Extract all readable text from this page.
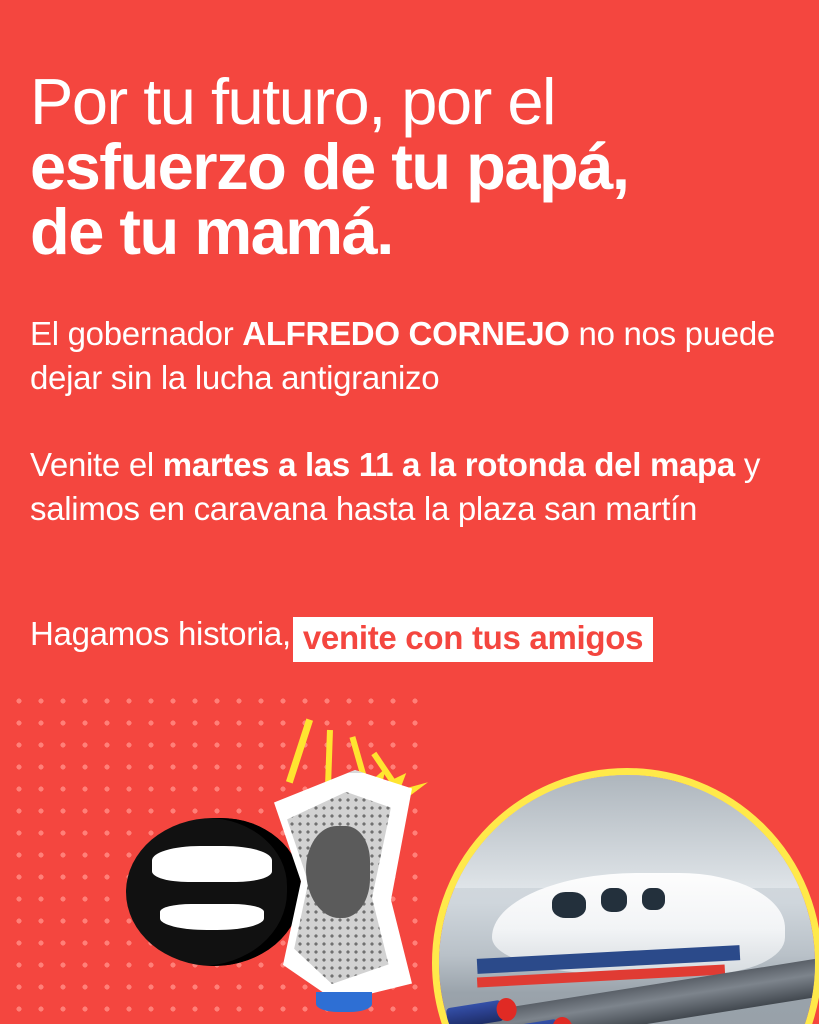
Por tu futuro, por el
esfuerzo de tu papá,
de tu mamá.
El gobernador ALFREDO CORNEJO no nos puede dejar sin la lucha antigranizo
Venite el martes a las 11 a la rotonda del mapa y salimos en caravana hasta la plaza san martín
Hagamos historia, venite con tus amigos
